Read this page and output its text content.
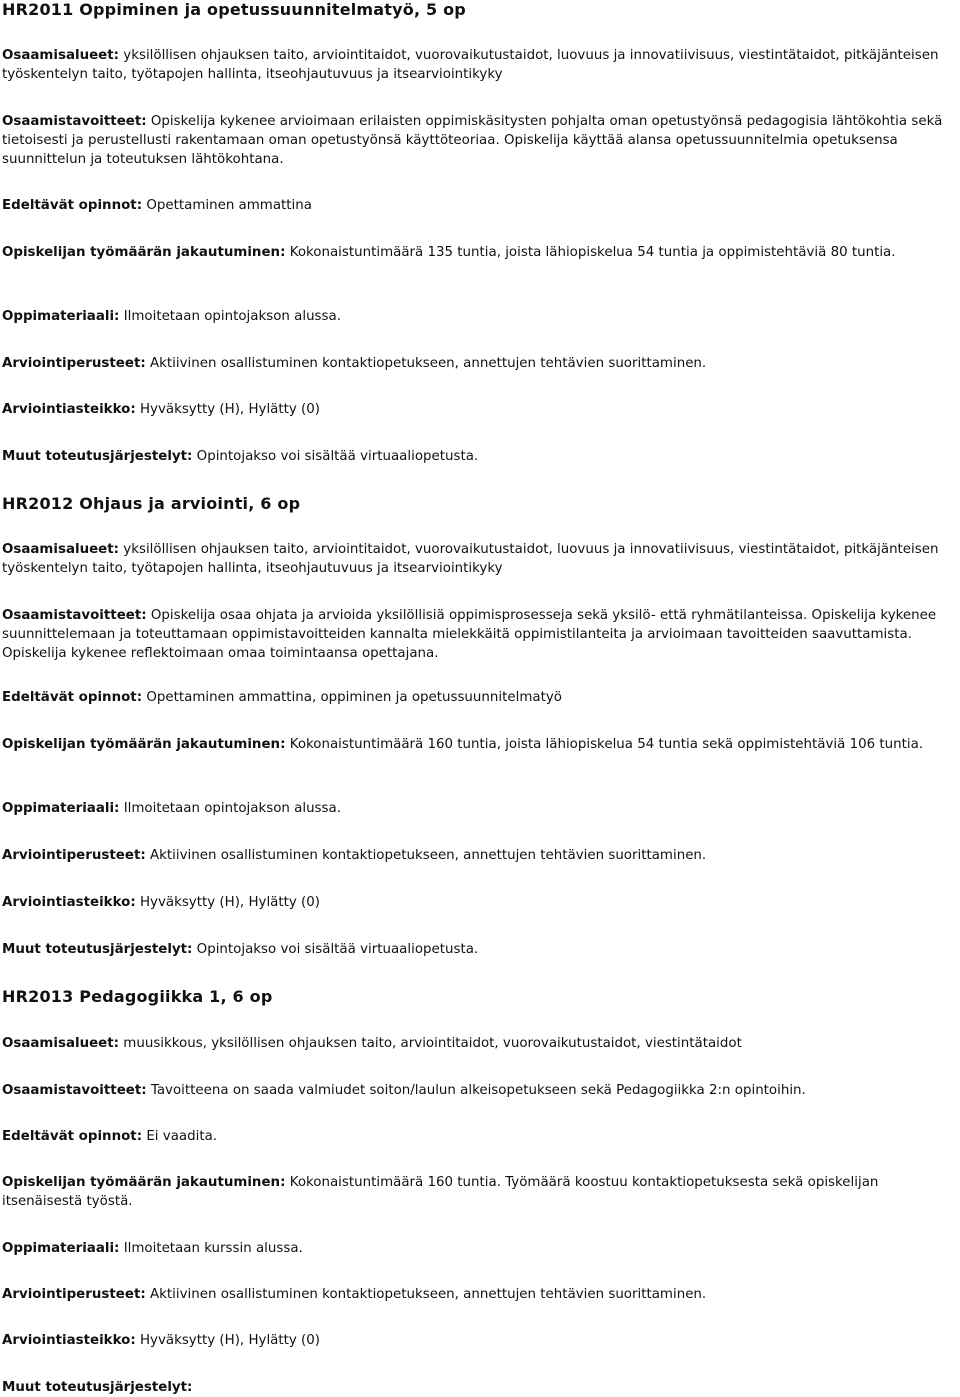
HR2011 Oppiminen ja opetussuunnitelmatyö, 5 op

Osaamisalueet: yksilöllisen ohjauksen taito, arviointitaidot, vuorovaikutustaidot, luovuus ja innovatiivisuus, viestintätaidot, pitkäjänteisen työskentelyn taito, työtapojen hallinta, itseohjautuvuus ja itsearviointikyky

Osaamistavoitteet: Opiskelija kykenee arvioimaan erilaisten oppimiskäsitysten pohjalta oman opetustyönsä pedagogisia lähtökohtia sekä tietoisesti ja perustellusti rakentamaan oman opetustyönsä käyttöteoriaa. Opiskelija käyttää alansa opetussuunnitelmia opetuksensa suunnittelun ja toteutuksen lähtökohtana.

Edeltävät opinnot: Opettaminen ammattina

Opiskelijan työmäärän jakautuminen: Kokonaistuntimäärä 135 tuntia, joista lähiopiskelua 54 tuntia ja oppimistehtäviä 80 tuntia.

Oppimateriaali: Ilmoitetaan opintojakson alussa.

Arviointiperusteet: Aktiivinen osallistuminen kontaktiopetukseen, annettujen tehtävien suorittaminen.

Arviointiasteikko: Hyväksytty (H), Hylätty (0)

Muut toteutusjärjestelyt: Opintojakso voi sisältää virtuaaliopetusta.

HR2012 Ohjaus ja arviointi, 6 op

Osaamisalueet: yksilöllisen ohjauksen taito, arviointitaidot, vuorovaikutustaidot, luovuus ja innovatiivisuus, viestintätaidot, pitkäjänteisen työskentelyn taito, työtapojen hallinta, itseohjautuvuus ja itsearviointikyky

Osaamistavoitteet: Opiskelija osaa ohjata ja arvioida yksilöllisiä oppimisprosesseja sekä yksilö- että ryhmätilanteissa. Opiskelija kykenee suunnittelemaan ja toteuttamaan oppimistavoitteiden kannalta mielekkäitä oppimistilanteita ja arvioimaan tavoitteiden saavuttamista. Opiskelija kykenee reflektoimaan omaa toimintaansa opettajana.

Edeltävät opinnot: Opettaminen ammattina, oppiminen ja opetussuunnitelmatyö

Opiskelijan työmäärän jakautuminen: Kokonaistuntimäärä 160 tuntia, joista lähiopiskelua 54 tuntia sekä oppimistehtäviä 106 tuntia.

Oppimateriaali: Ilmoitetaan opintojakson alussa.

Arviointiperusteet: Aktiivinen osallistuminen kontaktiopetukseen, annettujen tehtävien suorittaminen.

Arviointiasteikko: Hyväksytty (H), Hylätty (0)

Muut toteutusjärjestelyt: Opintojakso voi sisältää virtuaaliopetusta.

HR2013 Pedagogiikka 1, 6 op

Osaamisalueet: muusikkous, yksilöllisen ohjauksen taito, arviointitaidot, vuorovaikutustaidot, viestintätaidot

Osaamistavoitteet: Tavoitteena on saada valmiudet soiton/laulun alkeisopetukseen sekä Pedagogiikka 2:n opintoihin.

Edeltävät opinnot: Ei vaadita.

Opiskelijan työmäärän jakautuminen: Kokonaistuntimäärä 160 tuntia. Työmäärä koostuu kontaktiopetuksesta sekä opiskelijan itsenäisestä työstä.

Oppimateriaali: Ilmoitetaan kurssin alussa.

Arviointiperusteet: Aktiivinen osallistuminen kontaktiopetukseen, annettujen tehtävien suorittaminen.

Arviointiasteikko: Hyväksytty (H), Hylätty (0)

Muut toteutusjärjestelyt:
